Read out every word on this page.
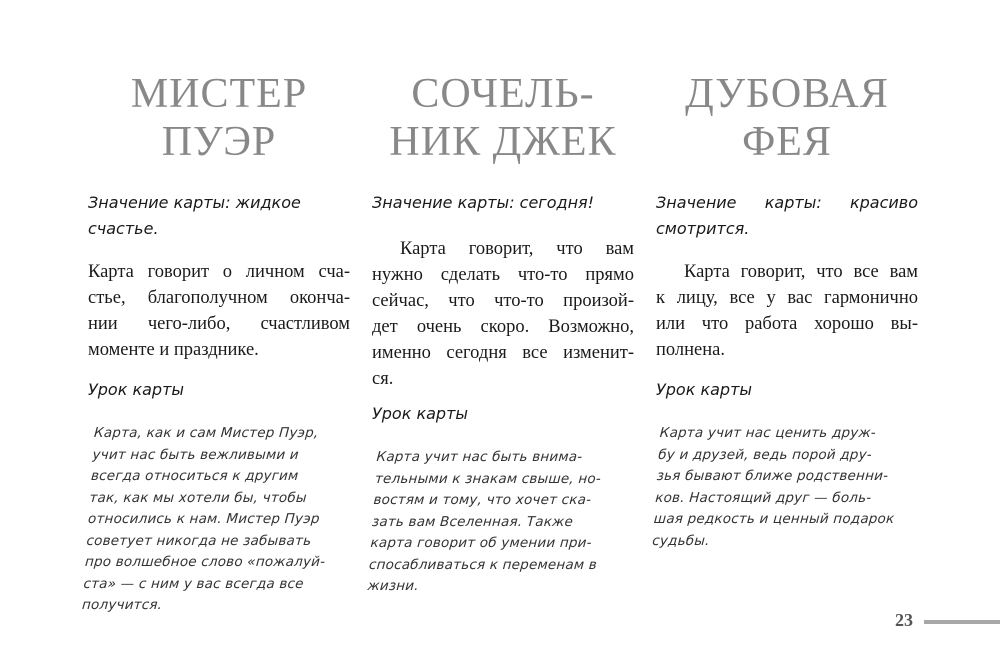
МИСТЕР
ПУЭР
Значение карты: жидкое
счастье.
Карта говорит о личном сча-
стье, благополучном оконча-
нии чего-либо, счастливом
моменте и празднике.
Урок карты
Карта, как и сам Мистер Пуэр,
учит нас быть вежливыми и
всегда относиться к другим
так, как мы хотели бы, чтобы
относились к нам. Мистер Пуэр
советует никогда не забывать
про волшебное слово «пожалуй-
ста» — с ним у вас всегда все
получится.
СОЧЕЛЬ-
НИК ДЖЕК
Значение карты: сегодня!
Карта говорит, что вам
нужно сделать что-то прямо
сейчас, что что-то произой-
дет очень скоро. Возможно,
именно сегодня все изменит-
ся.
Урок карты
Карта учит нас быть внима-
тельными к знакам свыше, но-
востям и тому, что хочет ска-
зать вам Вселенная. Также
карта говорит об умении при-
спосабливаться к переменам в
жизни.
ДУБОВАЯ
ФЕЯ
Значение карты: красиво
смотрится.
Карта говорит, что все вам
к лицу, все у вас гармонично
или что работа хорошо вы-
полнена.
Урок карты
Карта учит нас ценить друж-
бу и друзей, ведь порой дру-
зья бывают ближе родственни-
ков. Настоящий друг — боль-
шая редкость и ценный подарок
судьбы.
23
